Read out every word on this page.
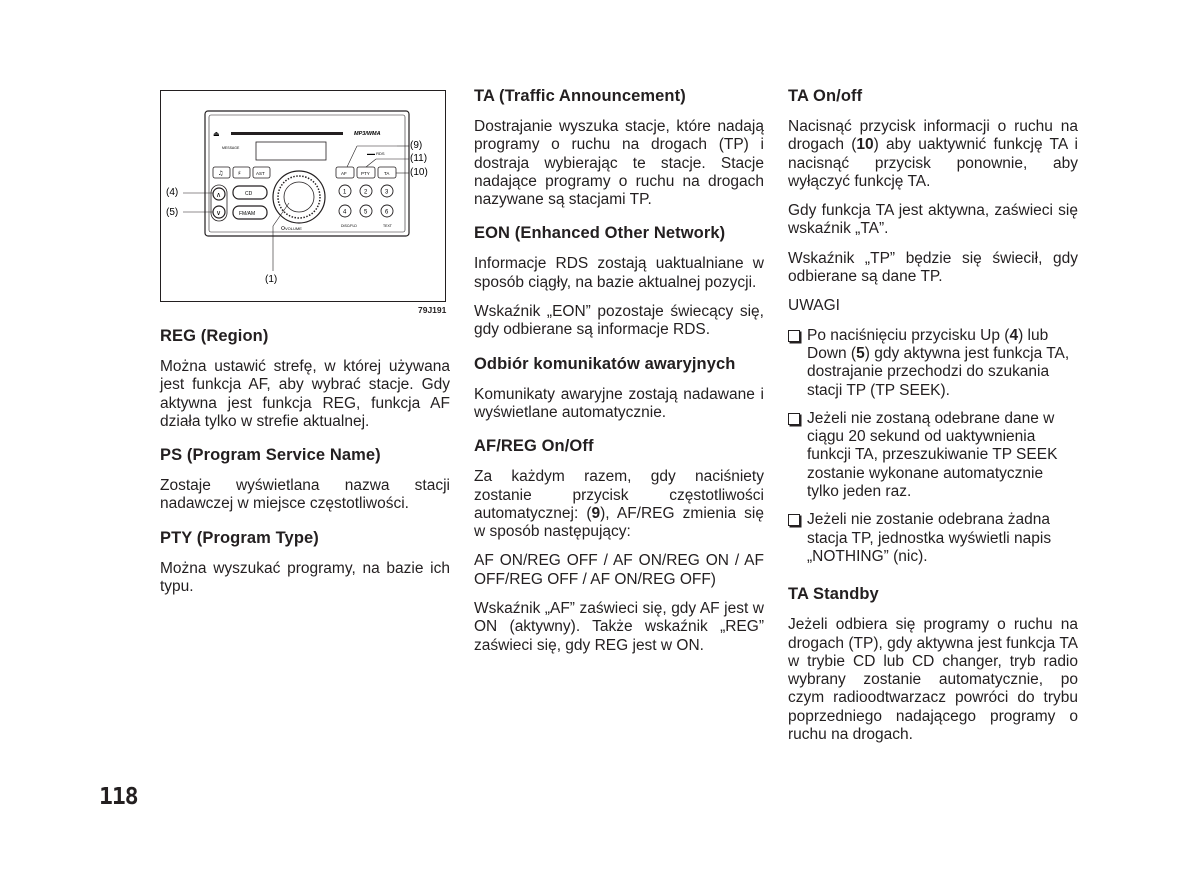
MP3/WMA
⏏
MESSAGE
♫ ♯	AST	AF	PTY	TA
▬▬ RDS
∧
∨
CD
FM/AM
VOLUME
1	2	3
4	5	6
DISC/FLD	TEXT
(9)
(11)
(10)
(4)
(5)
(1)
79J191
REG (Region)

Można ustawić strefę, w której używana jest funkcja AF, aby wybrać stacje. Gdy aktywna jest funkcja REG, funkcja AF działa tylko w strefie aktualnej.

PS (Program Service Name)

Zostaje wyświetlana nazwa stacji nadawczej w miejsce częstotliwości.

PTY (Program Type)

Można wyszukać programy, na bazie ich typu.

TA (Traffic Announcement)

Dostrajanie wyszuka stacje, które nadają programy o ruchu na drogach (TP) i dostraja wybierając te stacje. Stacje nadające programy o ruchu na drogach nazywane są stacjami TP.

EON (Enhanced Other Network)

Informacje RDS zostają uaktualniane w sposób ciągły, na bazie aktualnej pozycji.

Wskaźnik „EON” pozostaje świecący się, gdy odbierane są informacje RDS.

Odbiór komunikatów awaryjnych

Komunikaty awaryjne zostają nadawane i wyświetlane automatycznie.

AF/REG On/Off

Za każdym razem, gdy naciśniety zostanie przycisk częstotliwości automatycznej: (9), AF/REG zmienia się w sposób następujący:

AF ON/REG OFF / AF ON/REG ON / AF OFF/REG OFF / AF ON/REG OFF)

Wskaźnik „AF” zaświeci się, gdy AF jest w ON (aktywny). Także wskaźnik „REG” zaświeci się, gdy REG jest w ON.

TA On/off

Nacisnąć przycisk informacji o ruchu na drogach (10) aby uaktywnić funkcję TA i nacisnąć przycisk ponownie, aby wyłączyć funkcję TA.

Gdy funkcja TA jest aktywna, zaświeci się wskaźnik „TA”.

Wskaźnik „TP” będzie się świecił, gdy odbierane są dane TP.

UWAGI

Po naciśnięciu przycisku Up (4) lub Down (5) gdy aktywna jest funkcja TA, dostrajanie przechodzi do szukania stacji TP (TP SEEK).
Jeżeli nie zostaną odebrane dane w ciągu 20 sekund od uaktywnienia funkcji TA, przeszukiwanie TP SEEK zostanie wykonane automatycznie tylko jeden raz.
Jeżeli nie zostanie odebrana żadna stacja TP, jednostka wyświetli napis „NOTHING” (nic).
TA Standby

Jeżeli odbiera się programy o ruchu na drogach (TP), gdy aktywna jest funkcja TA w trybie CD lub CD changer, tryb radio wybrany zostanie automatycznie, po czym radioodtwarzacz powróci do trybu poprzedniego nadającego programy o ruchu na drogach.

118
